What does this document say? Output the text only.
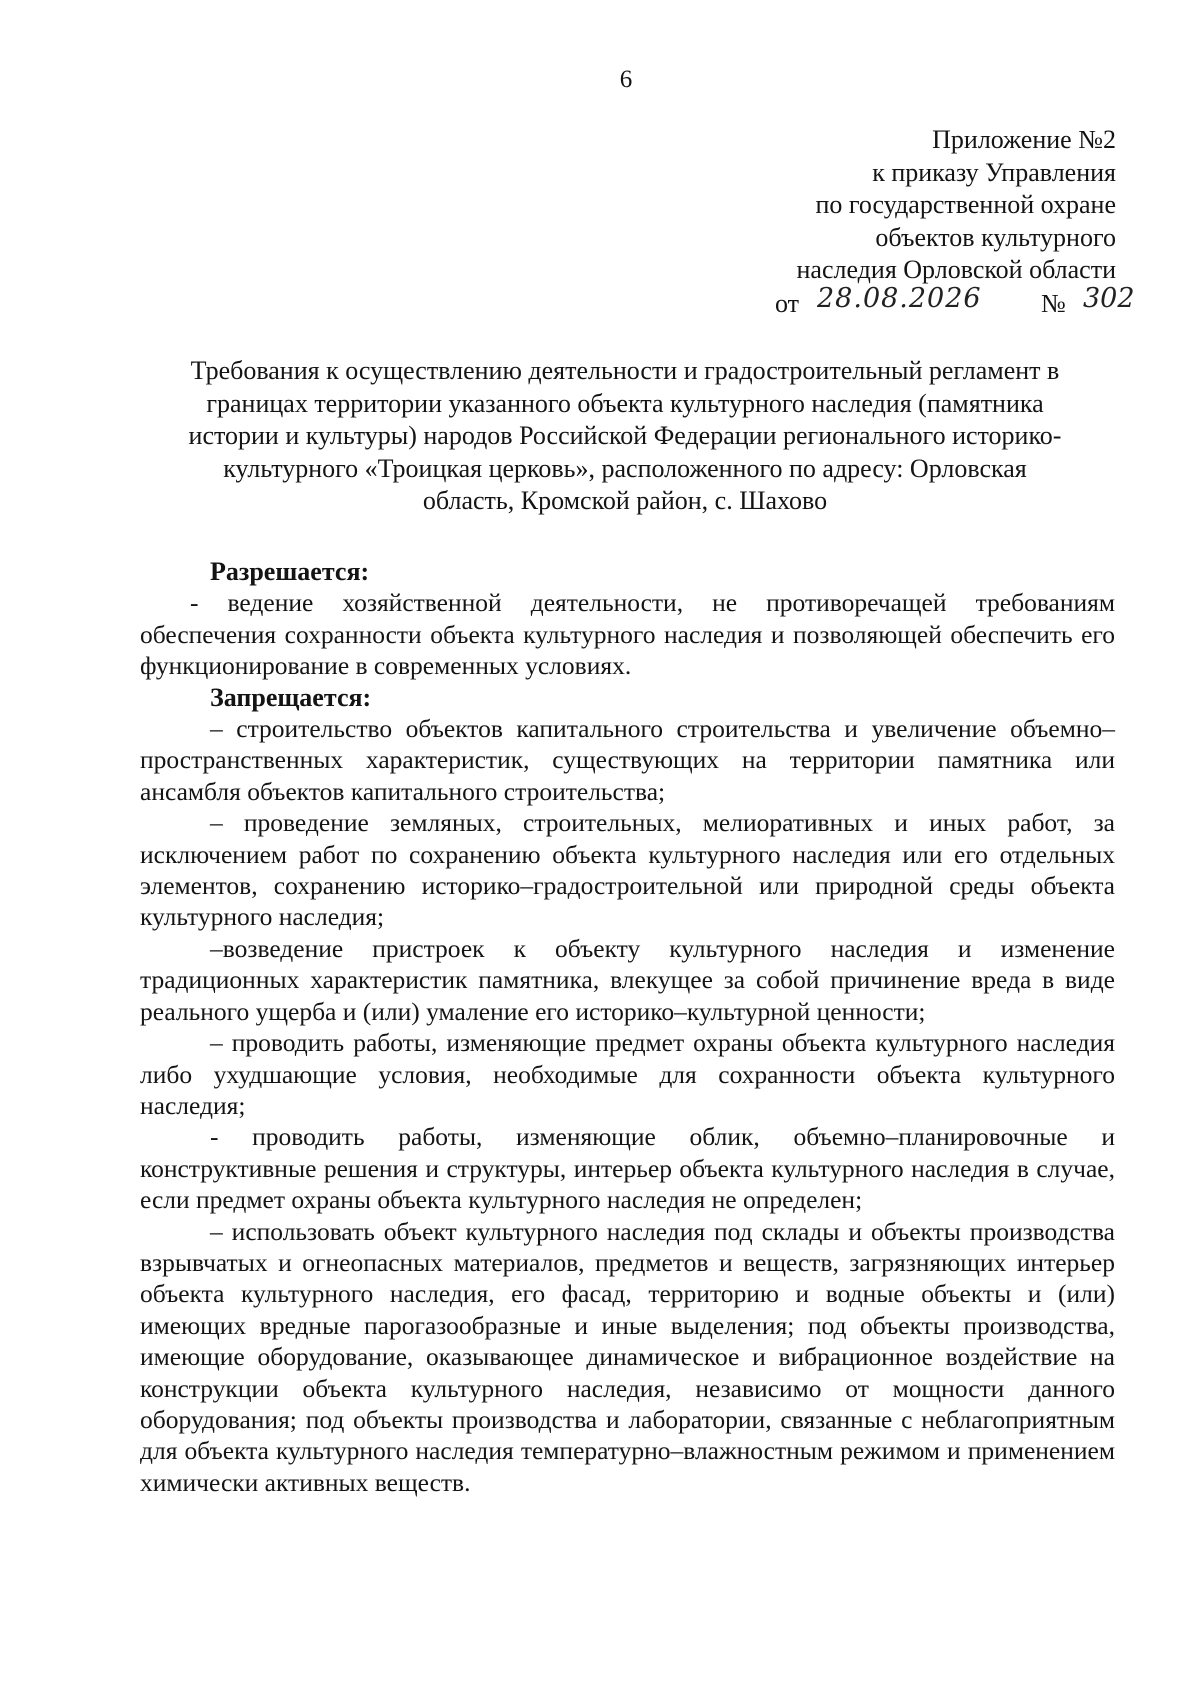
6
Приложение №2
к приказу Управления
по государственной охране
объектов культурного
наследия Орловской области
от 28.08.2026 № 302
Требования к осуществлению деятельности и градостроительный регламент в
границах территории указанного объекта культурного наследия (памятника
истории и культуры) народов Российской Федерации регионального историко-
культурного «Троицкая церковь», расположенного по адресу: Орловская
область, Кромской район, с. Шахово
Разрешается:

- ведение хозяйственной деятельности, не противоречащей требованиям обеспечения сохранности объекта культурного наследия и позволяющей обеспечить его функционирование в современных условиях.

Запрещается:

– строительство объектов капитального строительства и увеличение объемно–пространственных характеристик, существующих на территории памятника или ансамбля объектов капитального строительства;

– проведение земляных, строительных, мелиоративных и иных работ, за исключением работ по сохранению объекта культурного наследия или его отдельных элементов, сохранению историко–градостроительной или природной среды объекта культурного наследия;

–возведение пристроек к объекту культурного наследия и изменение традиционных характеристик памятника, влекущее за собой причинение вреда в виде реального ущерба и (или) умаление его историко–культурной ценности;

– проводить работы, изменяющие предмет охраны объекта культурного наследия либо ухудшающие условия, необходимые для сохранности объекта культурного наследия;

- проводить работы, изменяющие облик, объемно–планировочные и конструктивные решения и структуры, интерьер объекта культурного наследия в случае, если предмет охраны объекта культурного наследия не определен;

– использовать объект культурного наследия под склады и объекты производства взрывчатых и огнеопасных материалов, предметов и веществ, загрязняющих интерьер объекта культурного наследия, его фасад, территорию и водные объекты и (или) имеющих вредные парогазообразные и иные выделения; под объекты производства, имеющие оборудование, оказывающее динамическое и вибрационное воздействие на конструкции объекта культурного наследия, независимо от мощности данного оборудования; под объекты производства и лаборатории, связанные с неблагоприятным для объекта культурного наследия температурно–влажностным режимом и применением химически активных веществ.
